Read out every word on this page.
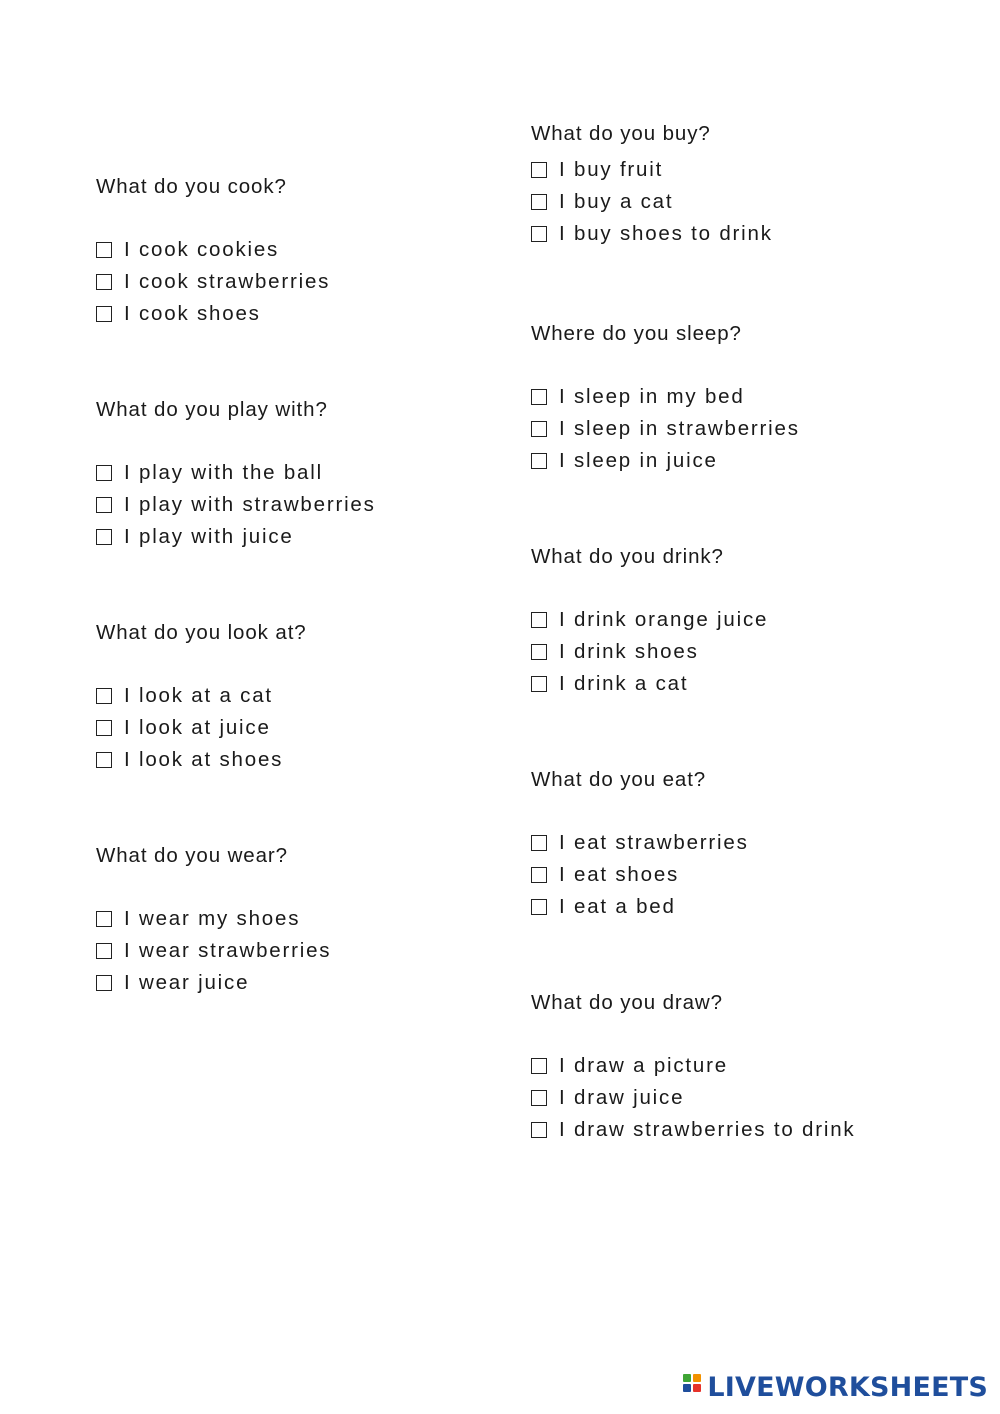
What do you cook?

I cook cookies
I cook strawberries
I cook shoes

What do you play with?

I play with the ball
I play with strawberries
I play with juice

What do you look at?

I look at a cat
I look at juice
I look at shoes

What do you wear?

I wear my shoes
I wear strawberries
I wear juice

What do you buy?

I buy fruit
I buy a cat
I buy shoes to drink

Where do you sleep?

I sleep in my bed
I sleep in strawberries
I sleep in juice

What do you drink?

I drink orange juice
I drink shoes
I drink a cat

What do you eat?

I eat strawberries
I eat shoes
I eat a bed

What do you draw?

I draw a picture
I draw juice
I draw strawberries to drink
LIVEWORKSHEETS
